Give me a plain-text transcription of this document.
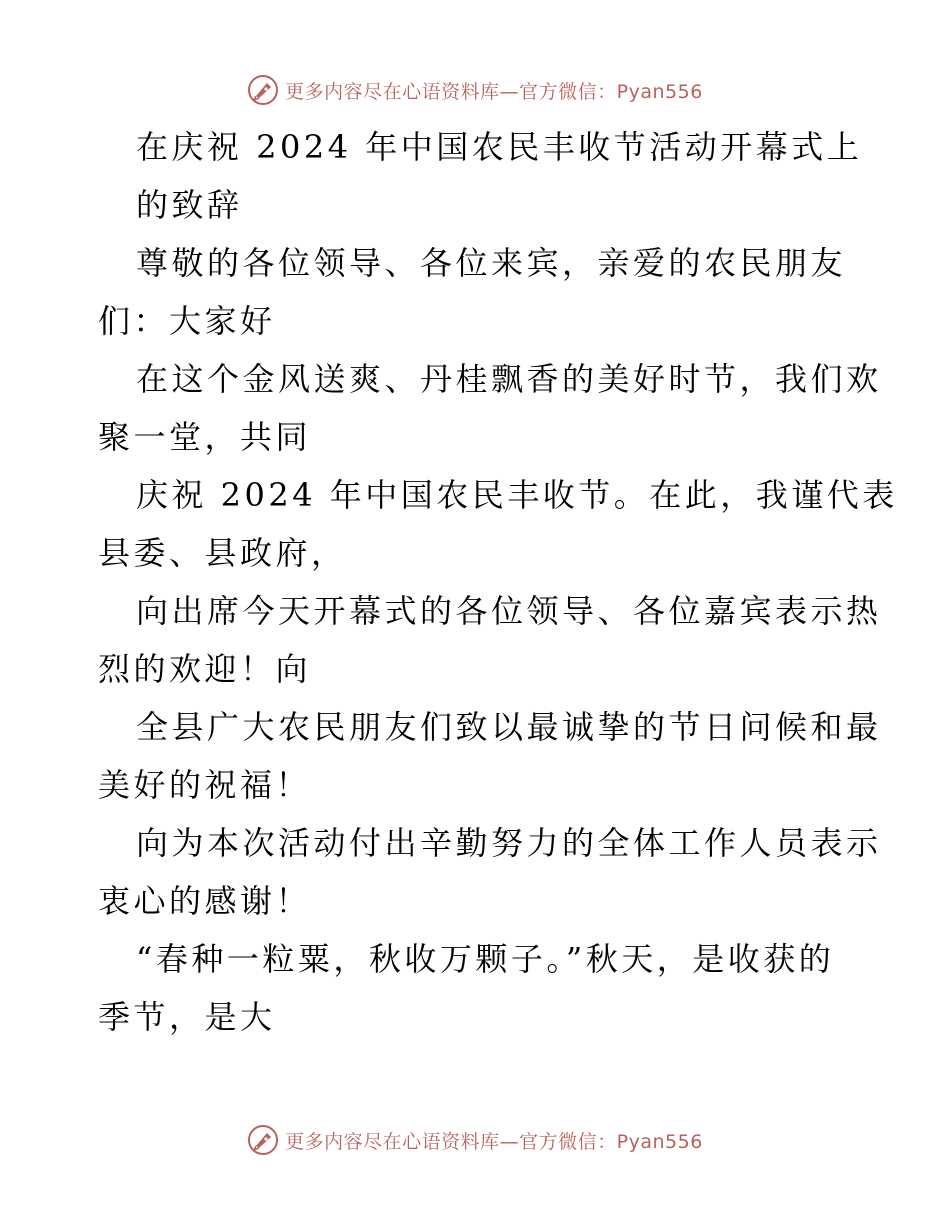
更多内容尽在心语资料库—官方微信：Pyan556
在庆祝 2024 年中国农民丰收节活动开幕式上
的致辞
尊敬的各位领导、各位来宾，亲爱的农民朋友
们：大家好
在这个金风送爽、丹桂飘香的美好时节，我们欢
聚一堂，共同
庆祝 2024 年中国农民丰收节。在此，我谨代表
县委、县政府，
向出席今天开幕式的各位领导、各位嘉宾表示热
烈的欢迎！向
全县广大农民朋友们致以最诚挚的节日问候和最
美好的祝福！
向为本次活动付出辛勤努力的全体工作人员表示
衷心的感谢！
“春种一粒粟，秋收万颗子。”秋天，是收获的
季节，是大
更多内容尽在心语资料库—官方微信：Pyan556
